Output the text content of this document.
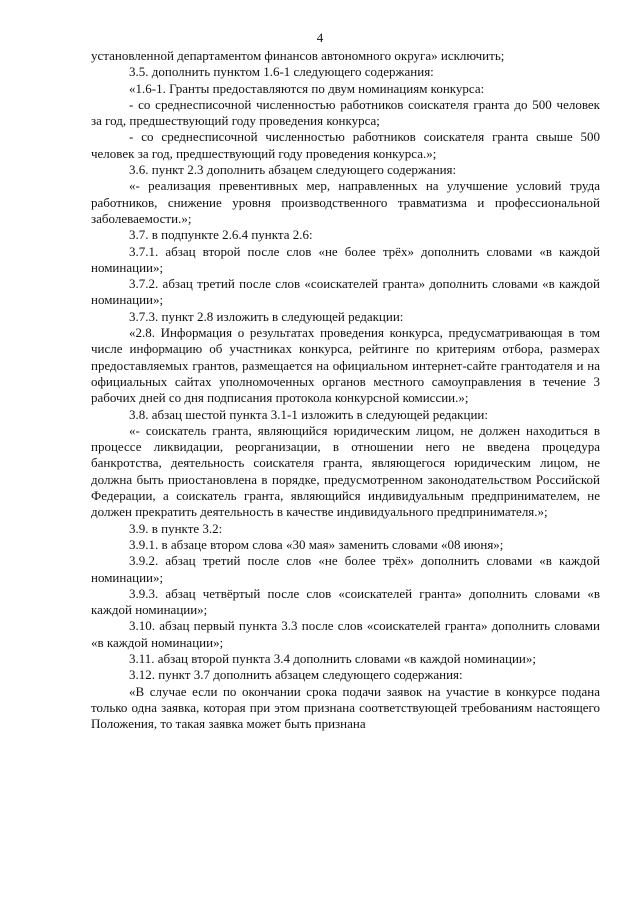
4

установленной департаментом финансов автономного округа» исключить;

3.5. дополнить пунктом 1.6-1 следующего содержания:

«1.6-1. Гранты предоставляются по двум номинациям конкурса:

- со среднесписочной численностью работников соискателя гранта до 500 человек за год, предшествующий году проведения конкурса;

- со среднесписочной численностью работников соискателя гранта свыше 500 человек за год, предшествующий году проведения конкурса.»;

3.6. пункт 2.3 дополнить абзацем следующего содержания:

«- реализация превентивных мер, направленных на улучшение условий труда работников, снижение уровня производственного травматизма и профессиональной заболеваемости.»;

3.7. в подпункте 2.6.4 пункта 2.6:

3.7.1. абзац второй после слов «не более трёх» дополнить словами «в каждой номинации»;

3.7.2. абзац третий после слов «соискателей гранта» дополнить словами «в каждой номинации»;

3.7.3. пункт 2.8 изложить в следующей редакции:

«2.8. Информация о результатах проведения конкурса, предусматривающая в том числе информацию об участниках конкурса, рейтинге по критериям отбора, размерах предоставляемых грантов, размещается на официальном интернет-сайте грантодателя и на официальных сайтах уполномоченных органов местного самоуправления в течение 3 рабочих дней со дня подписания протокола конкурсной комиссии.»;

3.8. абзац шестой пункта 3.1-1 изложить в следующей редакции:

«- соискатель гранта, являющийся юридическим лицом, не должен находиться в процессе ликвидации, реорганизации, в отношении него не введена процедура банкротства, деятельность соискателя гранта, являющегося юридическим лицом, не должна быть приостановлена в порядке, предусмотренном законодательством Российской Федерации, а соискатель гранта, являющийся индивидуальным предпринимателем, не должен прекратить деятельность в качестве индивидуального предпринимателя.»;

3.9. в пункте 3.2:

3.9.1. в абзаце втором слова «30 мая» заменить словами «08 июня»;

3.9.2. абзац третий после слов «не более трёх» дополнить словами «в каждой номинации»;

3.9.3. абзац четвёртый после слов «соискателей гранта» дополнить словами «в каждой номинации»;

3.10. абзац первый пункта 3.3 после слов «соискателей гранта» дополнить словами «в каждой номинации»;

3.11. абзац второй пункта 3.4 дополнить словами «в каждой номинации»;

3.12. пункт 3.7 дополнить абзацем следующего содержания:

«В случае если по окончании срока подачи заявок на участие в конкурсе подана только одна заявка, которая при этом признана соответствующей требованиям настоящего Положения, то такая заявка может быть признана
